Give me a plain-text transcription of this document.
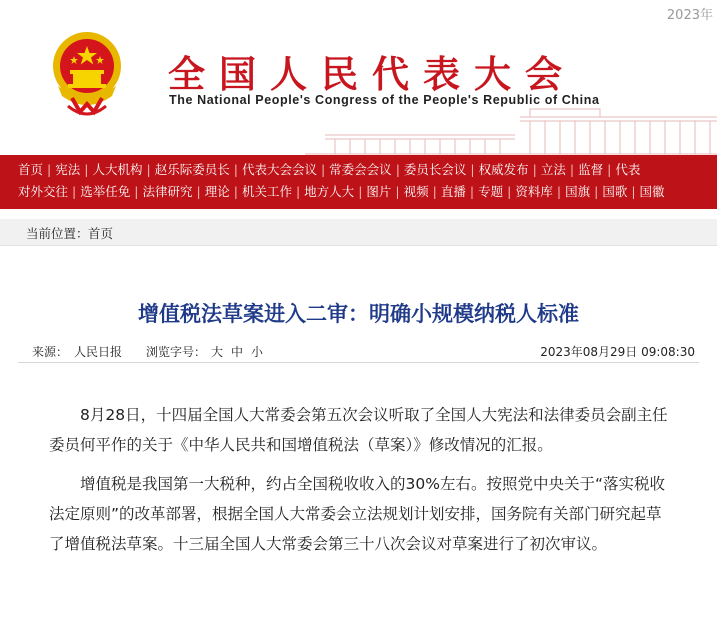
2023年
全国人民代表大会
The National People's Congress of the People's Republic of China
首页 | 宪法 | 人大机构 | 赵乐际委员长 | 代表大会会议 | 常委会会议 | 委员长会议 | 权威发布 | 立法 | 监督 | 代表
对外交往 | 选举任免 | 法律研究 | 理论 | 机关工作 | 地方人大 | 图片 | 视频 | 直播 | 专题 | 资料库 | 国旗 | 国歌 | 国徽
当前位置： 首页
增值税法草案进入二审：明确小规模纳税人标准
来源： 人民日报 浏览字号： 大 中 小	2023年08月29日 09:08:30

8月28日，十四届全国人大常委会第五次会议听取了全国人大宪法和法律委员会副主任委员何平作的关于《中华人民共和国增值税法（草案）》修改情况的汇报。

增值税是我国第一大税种，约占全国税收收入的30%左右。按照党中央关于“落实税收法定原则”的改革部署，根据全国人大常委会立法规划计划安排，国务院有关部门研究起草了增值税法草案。十三届全国人大常委会第三十八次会议对草案进行了初次审议。
